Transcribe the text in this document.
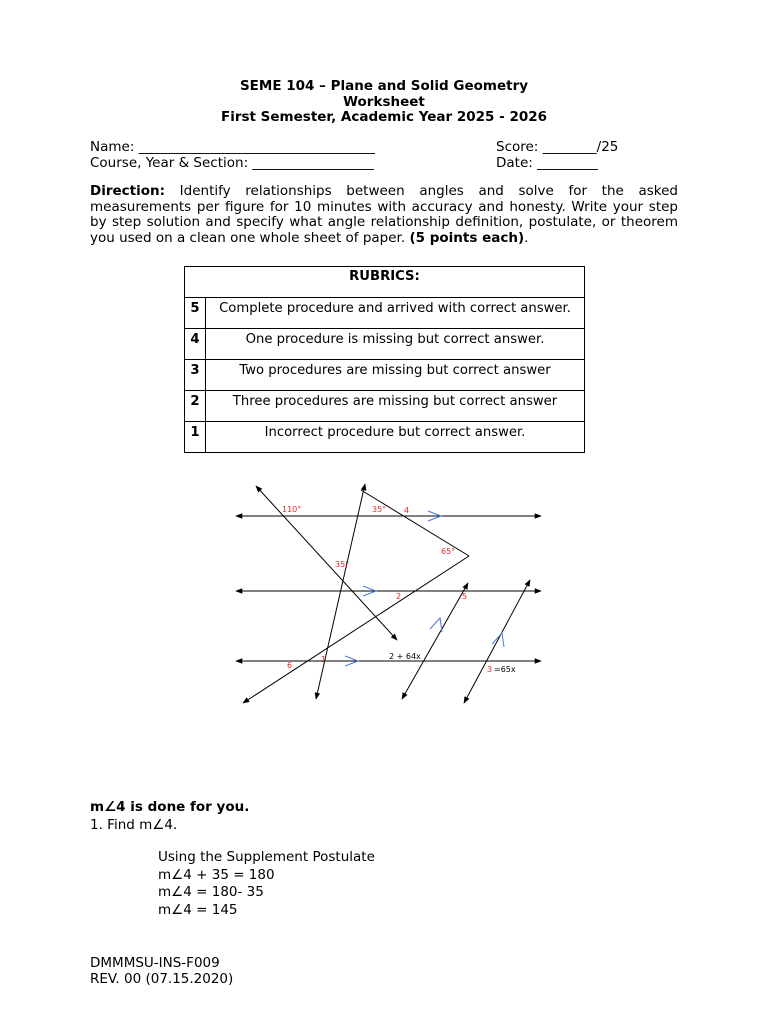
SEME 104 – Plane and Solid Geometry
Worksheet
First Semester, Academic Year 2025 - 2026
Name: ___________________________________	Score: ________/25
Course, Year & Section: __________________	Date: _________
Direction: Identify relationships between angles and solve for the asked measurements per figure for 10 minutes with accuracy and honesty. Write your step by step solution and specify what angle relationship definition, postulate, or theorem you used on a clean one whole sheet of paper. (5 points each).
RUBRICS:	
5	Complete procedure and arrived with correct answer.
4	One procedure is missing but correct answer.
3	Two procedures are missing but correct answer
2	Three procedures are missing but correct answer
1	Incorrect procedure but correct answer.
110°	35° 4
65°
35°
2	5
6
1
3
2 + 64x
=65x
m∠4 is done for you.
1. Find m∠4.
Using the Supplement Postulate
m∠4 + 35 = 180
m∠4 = 180- 35
m∠4 = 145
DMMMSU-INS-F009
REV. 00 (07.15.2020)
